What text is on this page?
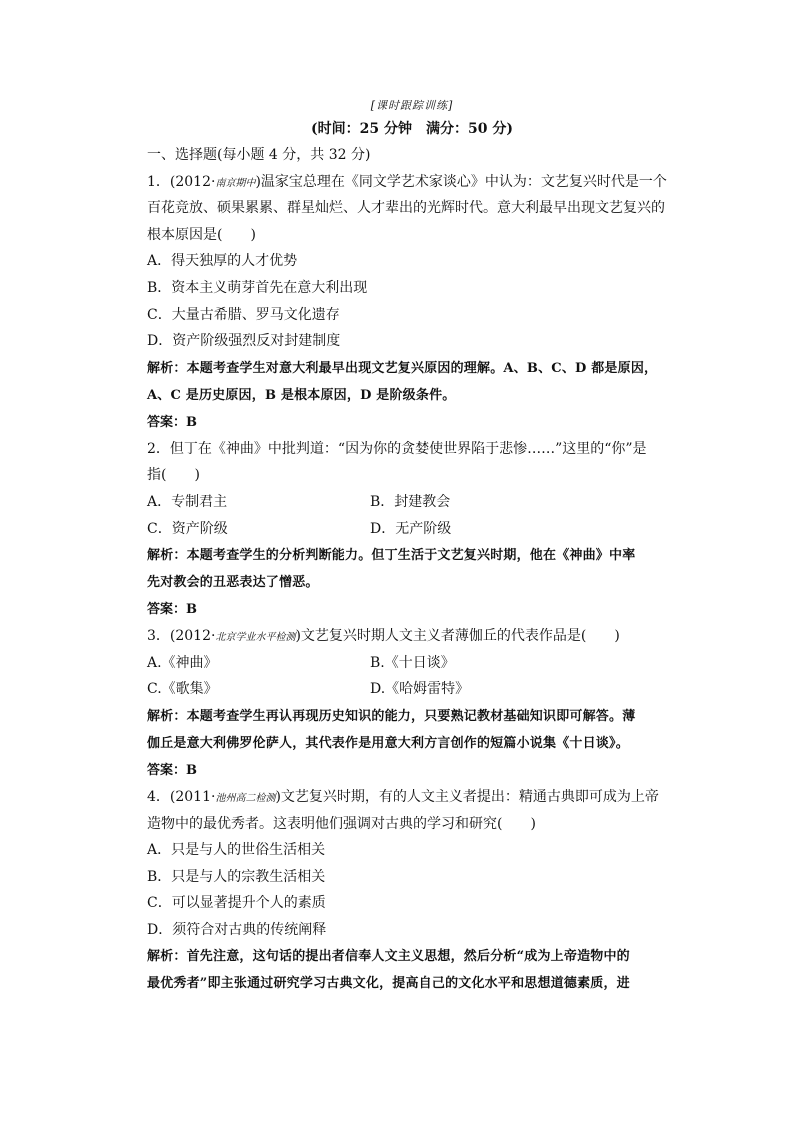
[课时跟踪训练]
(时间：25 分钟　满分：50 分)
一、选择题(每小题 4 分，共 32 分)
1．(2012·南京期中)温家宝总理在《同文学艺术家谈心》中认为：文艺复兴时代是一个
百花竞放、硕果累累、群星灿烂、人才辈出的光辉时代。意大利最早出现文艺复兴的
根本原因是(　　)
A．得天独厚的人才优势
B．资本主义萌芽首先在意大利出现
C．大量古希腊、罗马文化遗存
D．资产阶级强烈反对封建制度
解析：本题考查学生对意大利最早出现文艺复兴原因的理解。A、B、C、D 都是原因，
A、C 是历史原因，B 是根本原因，D 是阶级条件。
答案：B
2．但丁在《神曲》中批判道：“因为你的贪婪使世界陷于悲惨……”这里的“你”是
指(　　)
A．专制君主	B．封建教会
C．资产阶级	D．无产阶级
解析：本题考查学生的分析判断能力。但丁生活于文艺复兴时期，他在《神曲》中率
先对教会的丑恶表达了憎恶。
答案：B
3．(2012·北京学业水平检测)文艺复兴时期人文主义者薄伽丘的代表作品是(　　)
A.《神曲》	B.《十日谈》
C.《歌集》	D.《哈姆雷特》
解析：本题考查学生再认再现历史知识的能力，只要熟记教材基础知识即可解答。薄
伽丘是意大利佛罗伦萨人，其代表作是用意大利方言创作的短篇小说集《十日谈》。
答案：B
4．(2011·池州高二检测)文艺复兴时期，有的人文主义者提出：精通古典即可成为上帝
造物中的最优秀者。这表明他们强调对古典的学习和研究(　　)
A．只是与人的世俗生活相关
B．只是与人的宗教生活相关
C．可以显著提升个人的素质
D．须符合对古典的传统阐释
解析：首先注意，这句话的提出者信奉人文主义思想，然后分析“成为上帝造物中的
最优秀者”即主张通过研究学习古典文化，提高自己的文化水平和思想道德素质，进
